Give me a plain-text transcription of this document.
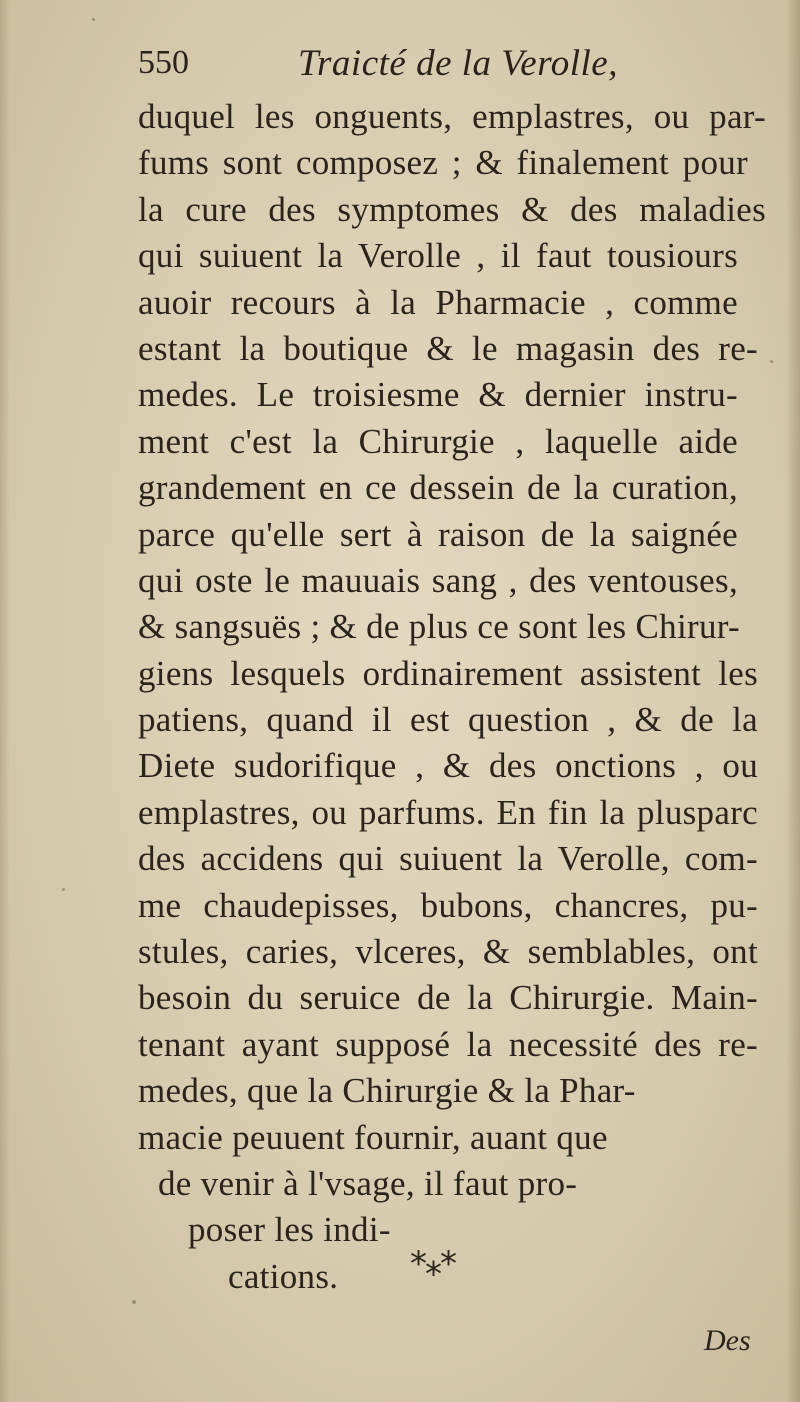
550	Traicté de la Verolle,
duquel les onguents, emplastres, ou par-
fums sont composez ; & finalement pour
la cure des symptomes & des maladies
qui suiuent la Verolle , il faut tousiours
auoir recours à la Pharmacie , comme
estant la boutique & le magasin des re-
medes. Le troisiesme & dernier instru-
ment c'est la Chirurgie , laquelle aide
grandement en ce dessein de la curation,
parce qu'elle sert à raison de la saignée
qui oste le mauuais sang , des ventouses,
& sangsuës ; & de plus ce sont les Chirur-
giens lesquels ordinairement assistent les
patiens, quand il est question , & de la
Diete sudorifique , & des onctions , ou
emplastres, ou parfums. En fin la plusparc
des accidens qui suiuent la Verolle, com-
me chaudepisses, bubons, chancres, pu-
stules, caries, vlceres, & semblables, ont
besoin du seruice de la Chirurgie. Main-
tenant ayant supposé la necessité des re-
medes, que la Chirurgie & la Phar-
macie peuuent fournir, auant que
de venir à l'vsage, il faut pro-
poser les indi-
cations.	*⁎*
Des
